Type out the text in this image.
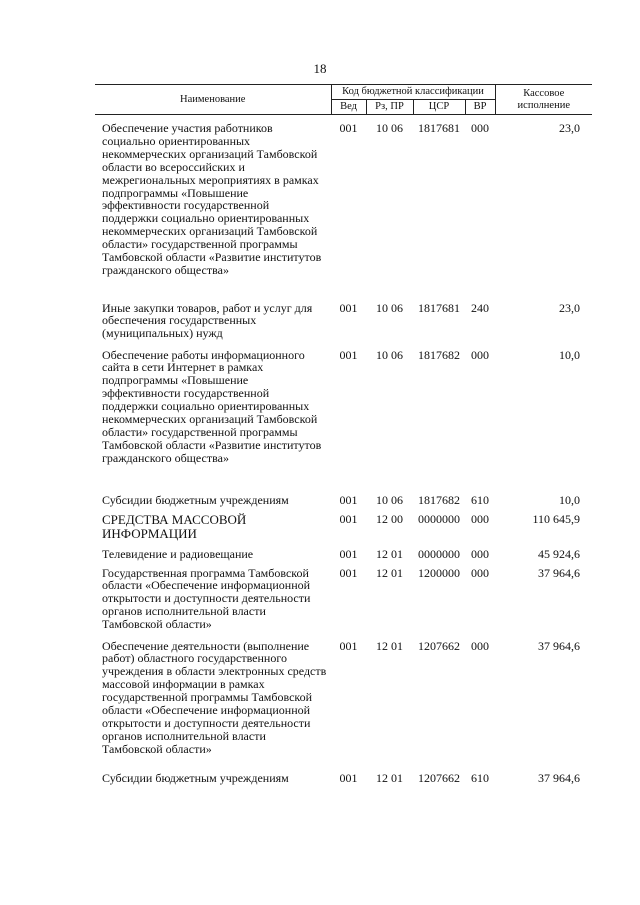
18
Наименование	Код бюджетной классификации				Кассовое исполнение
	Вед	Рз, ПР	ЦСР	ВР	
Обеспечение участия работников социально ориентированных некоммерческих организаций Тамбовской области во всероссийских и межрегиональных мероприятиях в рамках подпрограммы «Повышение эффективности государственной поддержки социально ориентированных некоммерческих организаций Тамбовской области» государственной программы Тамбовской области «Развитие институтов гражданского общества»	001	10 06	1817681	000	23,0
Иные закупки товаров, работ и услуг для обеспечения государственных (муниципальных) нужд	001	10 06	1817681	240	23,0
Обеспечение работы информационного сайта в сети Интернет в рамках подпрограммы «Повышение эффективности государственной поддержки социально ориентированных некоммерческих организаций Тамбовской области» государственной программы Тамбовской области «Развитие институтов гражданского общества»	001	10 06	1817682	000	10,0
Субсидии бюджетным учреждениям	001	10 06	1817682	610	10,0
СРЕДСТВА МАССОВОЙ ИНФОРМАЦИИ	001	12 00	0000000	000	110 645,9
Телевидение и радиовещание	001	12 01	0000000	000	45 924,6
Государственная программа Тамбовской области «Обеспечение информационной открытости и доступности деятельности органов исполнительной власти Тамбовской области»	001	12 01	1200000	000	37 964,6
Обеспечение деятельности (выполнение работ) областного государственного учреждения в области электронных средств массовой информации в рамках государственной программы Тамбовской области «Обеспечение информационной открытости и доступности деятельности органов исполнительной власти Тамбовской области»	001	12 01	1207662	000	37 964,6
Субсидии бюджетным учреждениям	001	12 01	1207662	610	37 964,6
